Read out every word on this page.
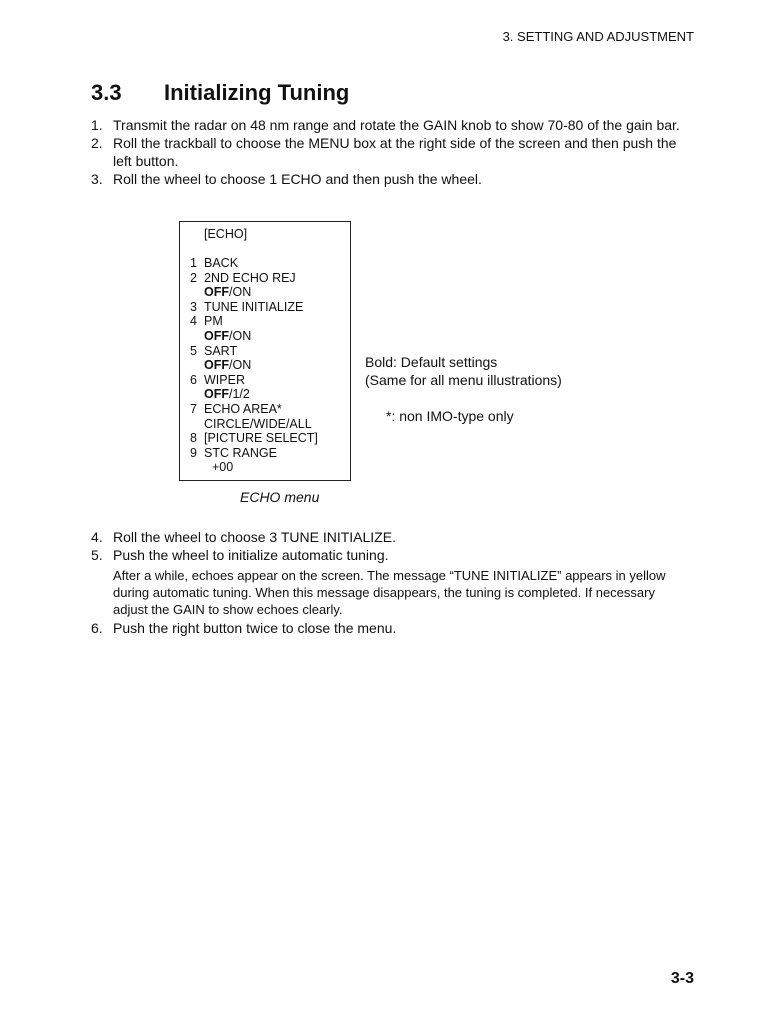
3. SETTING AND ADJUSTMENT
3.3 Initializing Tuning
1. Transmit the radar on 48 nm range and rotate the GAIN knob to show 70-80 of the gain bar.
2. Roll the trackball to choose the MENU box at the right side of the screen and then push the left button.
3. Roll the wheel to choose 1 ECHO and then push the wheel.
[ECHO]
1 BACK
2 2ND ECHO REJ
OFF/ON
3 TUNE INITIALIZE
4 PM
OFF/ON
5 SART
OFF/ON
6 WIPER
OFF/1/2
7 ECHO AREA*
CIRCLE/WIDE/ALL
8 [PICTURE SELECT]
9 STC RANGE
+00
ECHO menu
Bold: Default settings
(Same for all menu illustrations)
*: non IMO-type only
4. Roll the wheel to choose 3 TUNE INITIALIZE.
5. Push the wheel to initialize automatic tuning.
After a while, echoes appear on the screen. The message “TUNE INITIALIZE” appears in yellow during automatic tuning. When this message disappears, the tuning is completed. If necessary adjust the GAIN to show echoes clearly.
6. Push the right button twice to close the menu.
3-3
